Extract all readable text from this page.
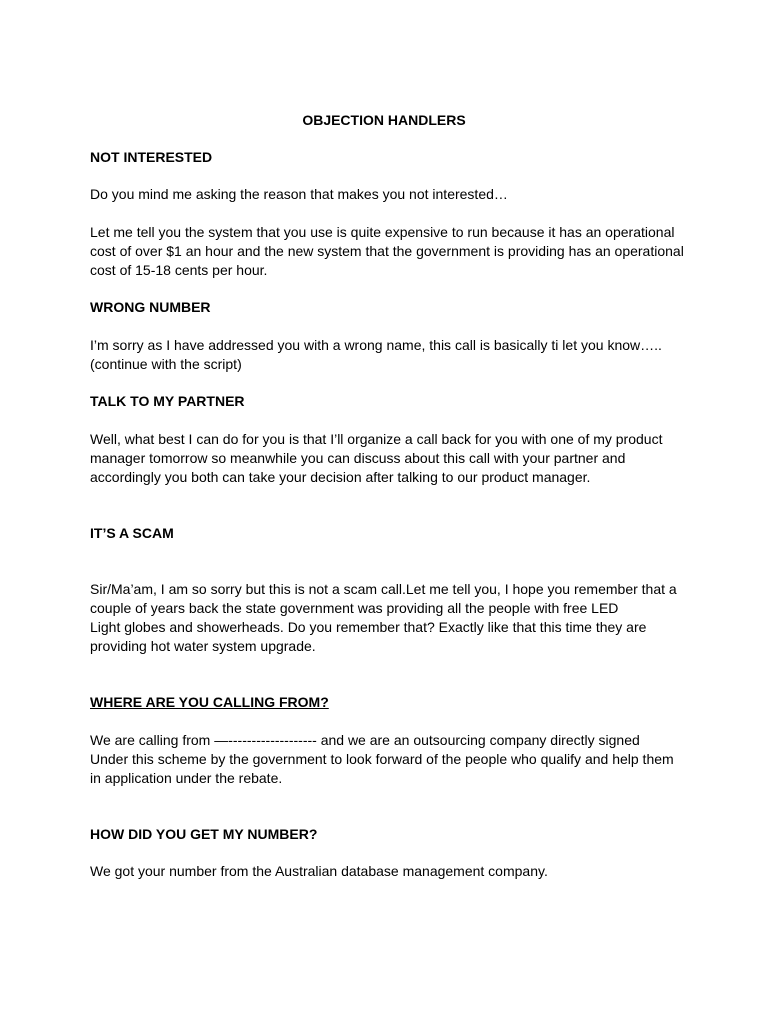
OBJECTION HANDLERS

NOT INTERESTED

Do you mind me asking the reason that makes you not interested…

Let me tell you the system that you use is quite expensive to run because it has an operational
cost of over $1 an hour and the new system that the government is providing has an operational
cost of 15-18 cents per hour.

WRONG NUMBER

I’m sorry as I have addressed you with a wrong name, this call is basically ti let you know…..
(continue with the script)

TALK TO MY PARTNER

Well, what best I can do for you is that I’ll organize a call back for you with one of my product
manager tomorrow so meanwhile you can discuss about this call with your partner and
accordingly you both can take your decision after talking to our product manager.

IT’S A SCAM

Sir/Ma’am, I am so sorry but this is not a scam call.Let me tell you, I hope you remember that a
couple of years back the state government was providing all the people with free LED
Light globes and showerheads. Do you remember that? Exactly like that this time they are
providing hot water system upgrade.

WHERE ARE YOU CALLING FROM?

We are calling from —------------------- and we are an outsourcing company directly signed
Under this scheme by the government to look forward of the people who qualify and help them
in application under the rebate.

HOW DID YOU GET MY NUMBER?

We got your number from the Australian database management company.
